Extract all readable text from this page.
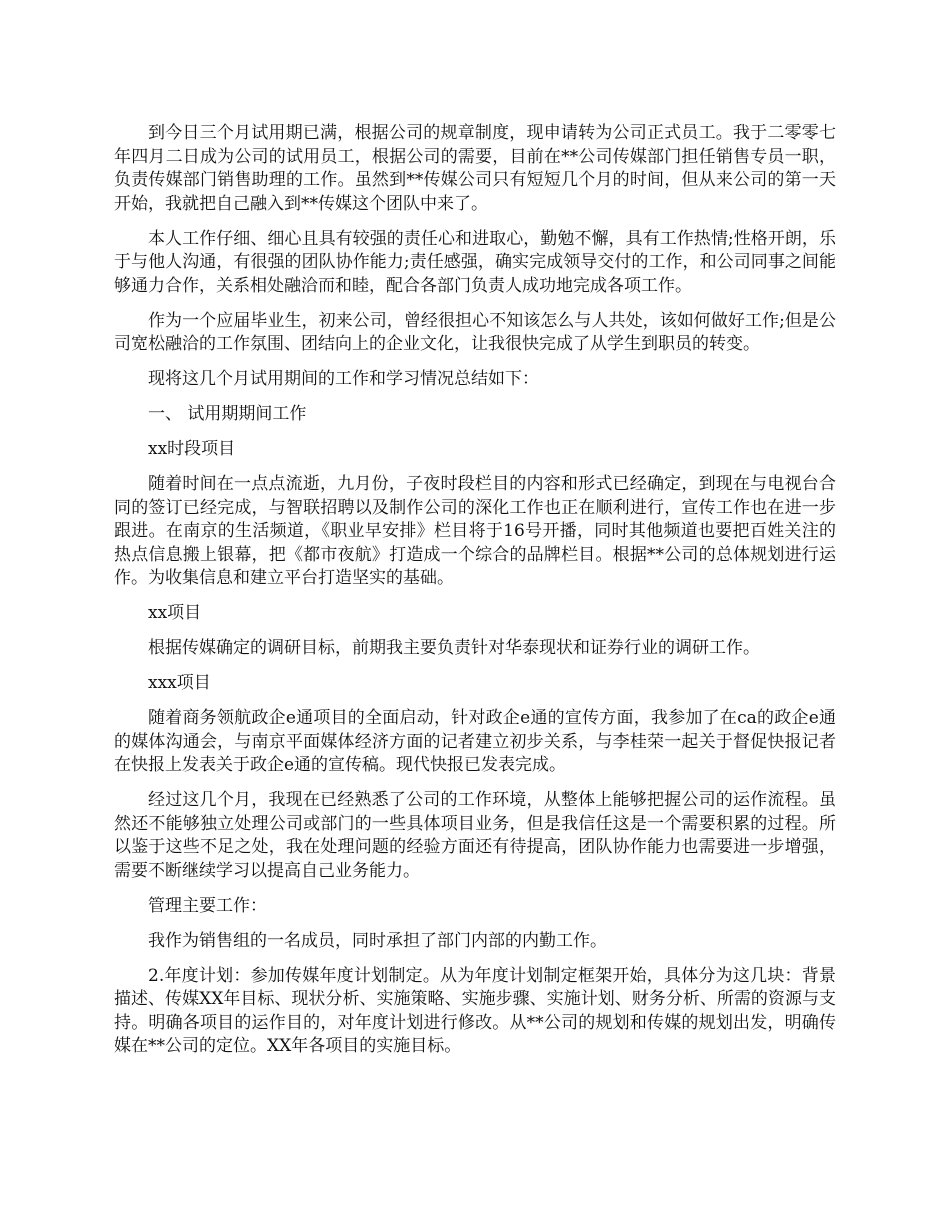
到今日三个月试用期已满，根据公司的规章制度，现申请转为公司正式员工。我于二零零七年四月二日成为公司的试用员工，根据公司的需要，目前在**公司传媒部门担任销售专员一职，负责传媒部门销售助理的工作。虽然到**传媒公司只有短短几个月的时间，但从来公司的第一天开始，我就把自己融入到**传媒这个团队中来了。

本人工作仔细、细心且具有较强的责任心和进取心，勤勉不懈，具有工作热情;性格开朗，乐于与他人沟通，有很强的团队协作能力;责任感强，确实完成领导交付的工作，和公司同事之间能够通力合作，关系相处融洽而和睦，配合各部门负责人成功地完成各项工作。

作为一个应届毕业生，初来公司，曾经很担心不知该怎么与人共处，该如何做好工作;但是公司宽松融洽的工作氛围、团结向上的企业文化，让我很快完成了从学生到职员的转变。

现将这几个月试用期间的工作和学习情况总结如下：

一、 试用期期间工作

xx时段项目

随着时间在一点点流逝，九月份，子夜时段栏目的内容和形式已经确定，到现在与电视台合同的签订已经完成，与智联招聘以及制作公司的深化工作也正在顺利进行，宣传工作也在进一步跟进。在南京的生活频道，《职业早安排》栏目将于16号开播，同时其他频道也要把百姓关注的热点信息搬上银幕，把《都市夜航》打造成一个综合的品牌栏目。根据**公司的总体规划进行运作。为收集信息和建立平台打造坚实的基础。

xx项目

根据传媒确定的调研目标，前期我主要负责针对华泰现状和证券行业的调研工作。

xxx项目

随着商务领航政企e通项目的全面启动，针对政企e通的宣传方面，我参加了在ca的政企e通的媒体沟通会，与南京平面媒体经济方面的记者建立初步关系，与李桂荣一起关于督促快报记者在快报上发表关于政企e通的宣传稿。现代快报已发表完成。

经过这几个月，我现在已经熟悉了公司的工作环境，从整体上能够把握公司的运作流程。虽然还不能够独立处理公司或部门的一些具体项目业务，但是我信任这是一个需要积累的过程。所以鉴于这些不足之处，我在处理问题的经验方面还有待提高，团队协作能力也需要进一步增强，需要不断继续学习以提高自己业务能力。

管理主要工作：

我作为销售组的一名成员，同时承担了部门内部的内勤工作。

2.年度计划：参加传媒年度计划制定。从为年度计划制定框架开始，具体分为这几块：背景描述、传媒XX年目标、现状分析、实施策略、实施步骤、实施计划、财务分析、所需的资源与支持。明确各项目的运作目的，对年度计划进行修改。从**公司的规划和传媒的规划出发，明确传媒在**公司的定位。XX年各项目的实施目标。
